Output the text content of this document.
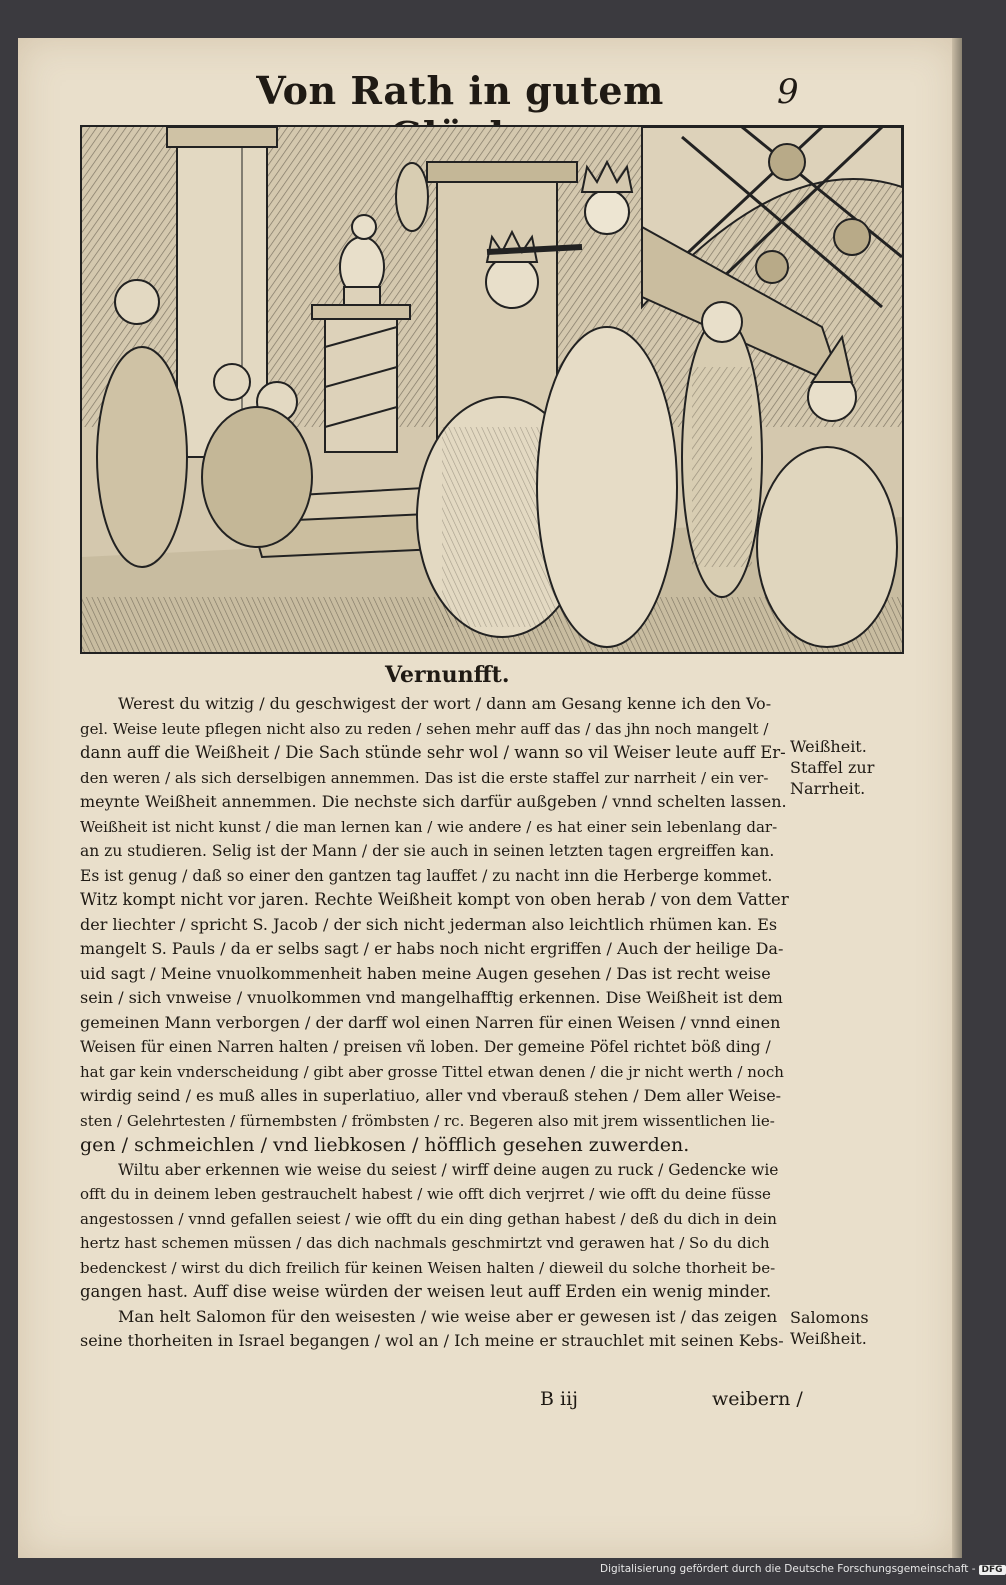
Von Rath in gutem	9
Vernunfft.
Werest du witzig / du geschwigest der wort / dann am Gesang kenne ich den Vo-
gel. Weise leute pflegen nicht also zu reden / sehen mehr auff das / das jhn noch mangelt /
dann auff die Weißheit / Die Sach stünde sehr wol / wann so vil Weiser leute auff Er-
den weren / als sich derselbigen annemmen. Das ist die erste staffel zur narrheit / ein ver-
meynte Weißheit annemmen. Die nechste sich darfür außgeben / vnnd schelten lassen.
Weißheit ist nicht kunst / die man lernen kan / wie andere / es hat einer sein lebenlang dar-
an zu studieren. Selig ist der Mann / der sie auch in seinen letzten tagen ergreiffen kan.
Es ist genug / daß so einer den gantzen tag lauffet / zu nacht inn die Herberge kommet.
Witz kompt nicht vor jaren. Rechte Weißheit kompt von oben herab / von dem Vatter
der liechter / spricht S. Jacob / der sich nicht jederman also leichtlich rhümen kan. Es
mangelt S. Pauls / da er selbs sagt / er habs noch nicht ergriffen / Auch der heilige Da-
uid sagt / Meine vnuolkommenheit haben meine Augen gesehen / Das ist recht weise
sein / sich vnweise / vnuolkommen vnd mangelhafftig erkennen. Dise Weißheit ist dem
gemeinen Mann verborgen / der darff wol einen Narren für einen Weisen / vnnd einen
Weisen für einen Narren halten / preisen vñ loben. Der gemeine Pöfel richtet böß ding /
hat gar kein vnderscheidung / gibt aber grosse Tittel etwan denen / die jr nicht werth / noch
wirdig seind / es muß alles in superlatiuo, aller vnd vberauß stehen / Dem aller Weise-
sten / Gelehrtesten / fürnembsten / frömbsten / rc. Begeren also mit jrem wissentlichen lie-
gen / schmeichlen / vnd liebkosen / höfflich gesehen zuwerden.
Wiltu aber erkennen wie weise du seiest / wirff deine augen zu ruck / Gedencke wie
offt du in deinem leben gestrauchelt habest / wie offt dich verjrret / wie offt du deine füsse
angestossen / vnnd gefallen seiest / wie offt du ein ding gethan habest / deß du dich in dein
hertz hast schemen müssen / das dich nachmals geschmirtzt vnd gerawen hat / So du dich
bedenckest / wirst du dich freilich für keinen Weisen halten / dieweil du solche thorheit be-
gangen hast. Auff dise weise würden der weisen leut auff Erden ein wenig minder.
Man helt Salomon für den weisesten / wie weise aber er gewesen ist / das zeigen
seine thorheiten in Israel begangen / wol an / Ich meine er strauchlet mit seinen Kebs-
Weißheit.
Staffel zur
Narrheit.
Salomons
Weißheit.
B iij	weibern /
Digitalisierung gefördert durch die Deutsche Forschungsgemeinschaft - DFG
